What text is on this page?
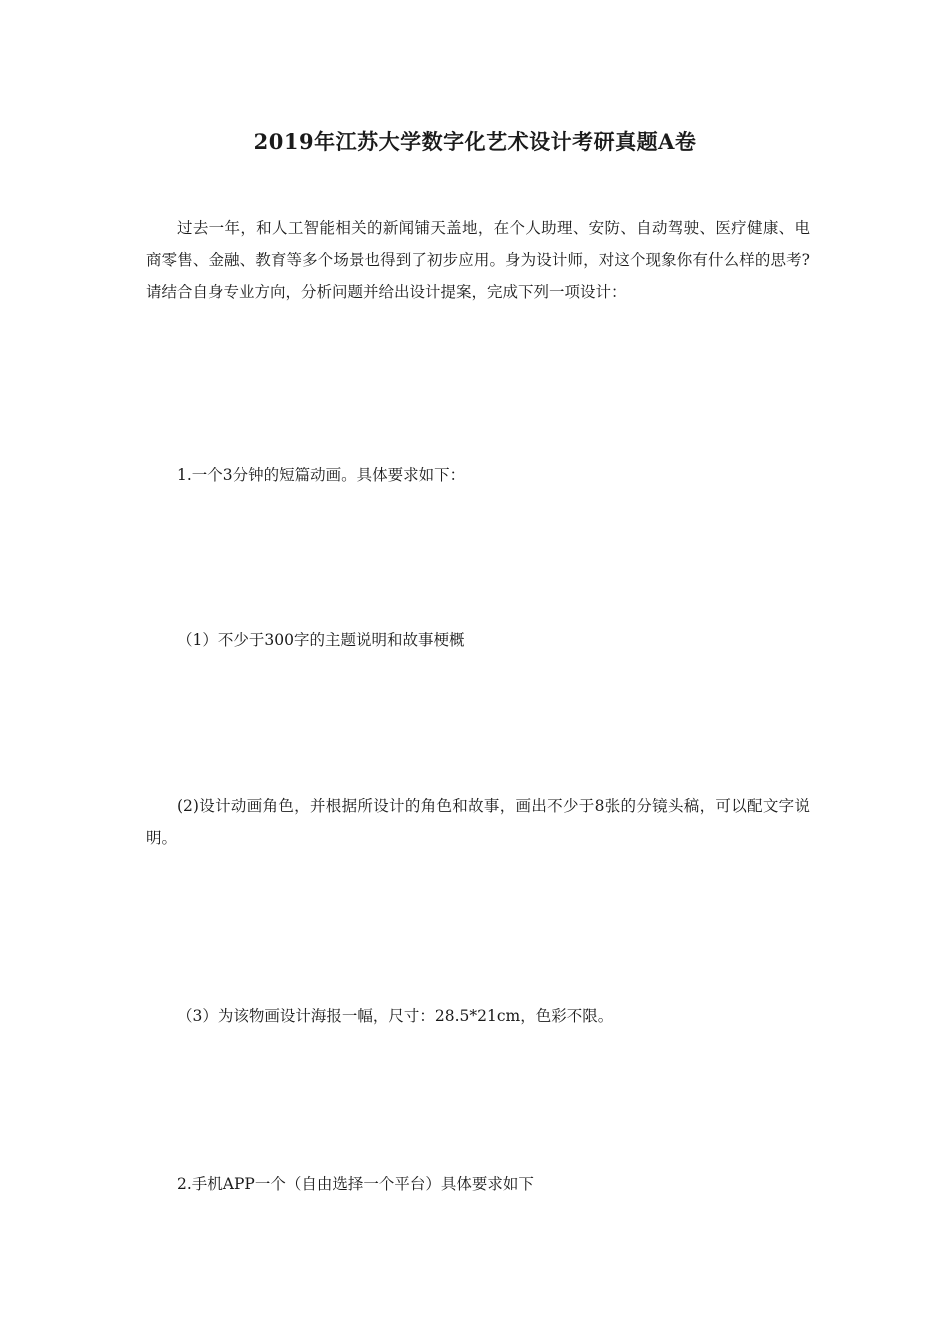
2019年江苏大学数字化艺术设计考研真题A卷

过去一年，和人工智能相关的新闻铺天盖地，在个人助理、安防、自动驾驶、医疗健康、电商零售、金融、教育等多个场景也得到了初步应用。身为设计师，对这个现象你有什么样的思考?请结合自身专业方向，分析问题并给出设计提案，完成下列一项设计：

1.一个3分钟的短篇动画。具体要求如下：

（1）不少于300字的主题说明和故事梗概

(2)设计动画角色，并根据所设计的角色和故事，画出不少于8张的分镜头稿，可以配文字说明。

（3）为该物画设计海报一幅，尺寸：28.5*21cm，色彩不限。

2.手机APP一个（自由选择一个平台）具体要求如下
